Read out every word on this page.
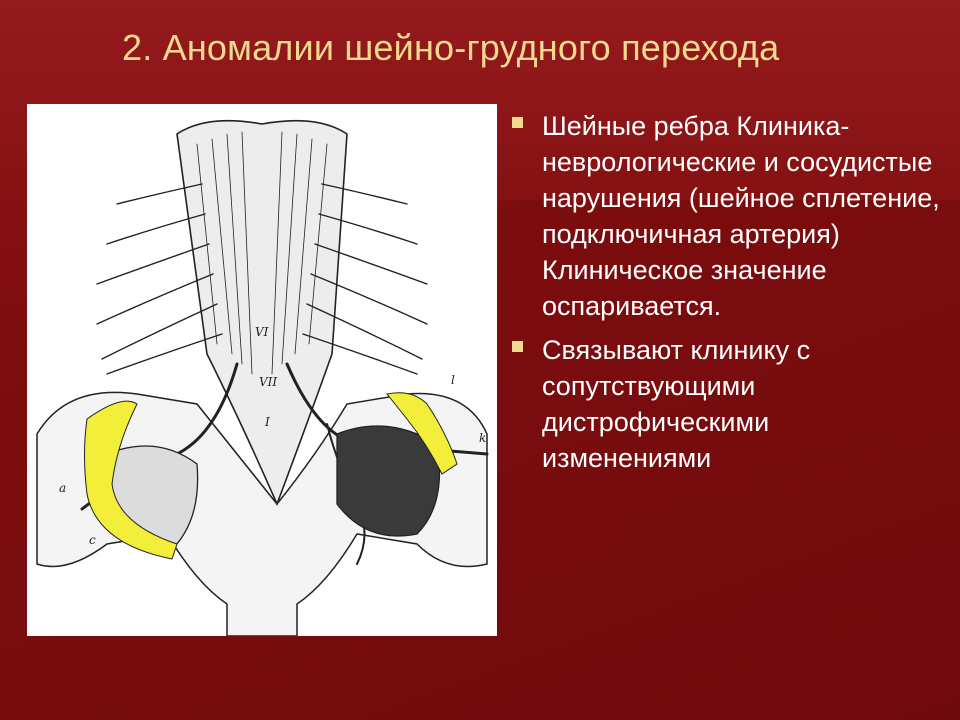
2. Аномалии шейно-грудного перехода
VI
VII
I
l
k
c
a
Шейные ребра Клиника-неврологические и сосудистые нарушения (шейное сплетение, подключичная артерия) Клиническое значение оспаривается.
Связывают клинику с сопутствующими дистрофическими изменениями
